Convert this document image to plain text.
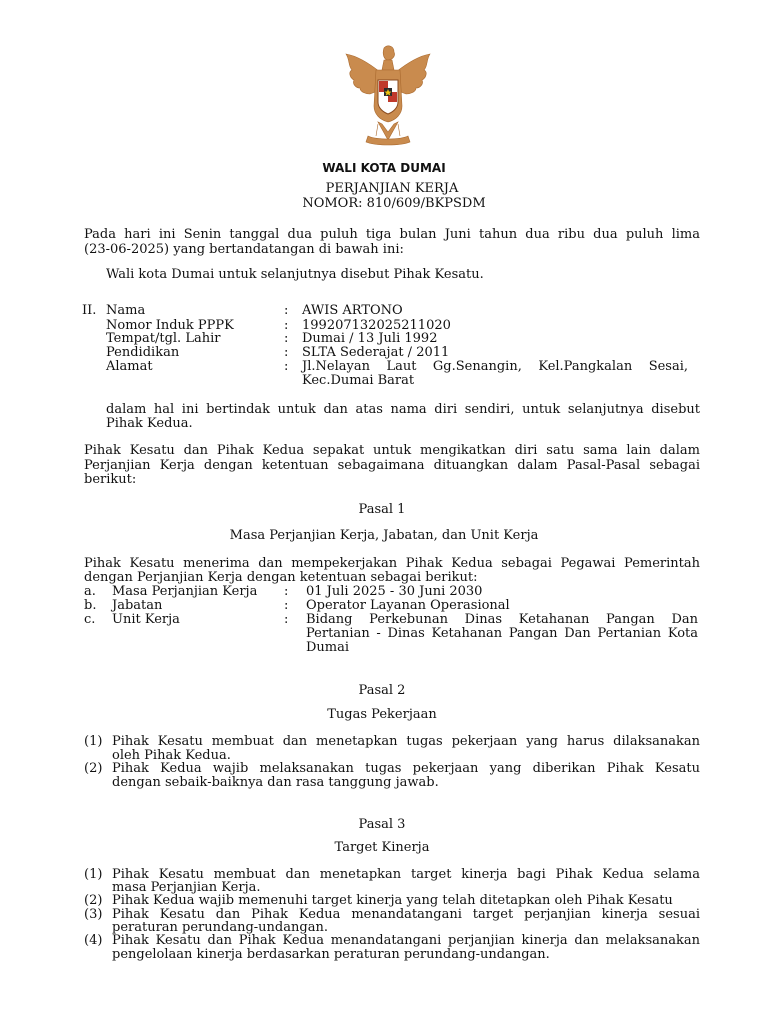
WALI KOTA DUMAI
PERJANJIAN KERJA
NOMOR: 810/609/BKPSDM
Pada hari ini Senin tanggal dua puluh tiga bulan Juni tahun dua ribu dua puluh lima
(23-06-2025) yang bertandatangan di bawah ini:
Wali kota Dumai untuk selanjutnya disebut Pihak Kesatu.
II. Nama	: AWIS ARTONO
Nomor Induk PPPK	: 199207132025211020
Tempat/tgl. Lahir	: Dumai / 13 Juli 1992
Pendidikan	: SLTA Sederajat / 2011
Alamat	: Jl.Nelayan Laut Gg.Senangin, Kel.Pangkalan Sesai,
Kec.Dumai Barat
dalam hal ini bertindak untuk dan atas nama diri sendiri, untuk selanjutnya disebut
Pihak Kedua.
Pihak Kesatu dan Pihak Kedua sepakat untuk mengikatkan diri satu sama lain dalam
Perjanjian Kerja dengan ketentuan sebagaimana dituangkan dalam Pasal-Pasal sebagai
berikut:
Pasal 1
Masa Perjanjian Kerja, Jabatan, dan Unit Kerja
Pihak Kesatu menerima dan mempekerjakan Pihak Kedua sebagai Pegawai Pemerintah
dengan Perjanjian Kerja dengan ketentuan sebagai berikut:
a. Masa Perjanjian Kerja : 01 Juli 2025 - 30 Juni 2030
b. Jabatan	: Operator Layanan Operasional
c. Unit Kerja	: Bidang Perkebunan Dinas Ketahanan Pangan Dan
Pertanian - Dinas Ketahanan Pangan Dan Pertanian Kota
Dumai
Pasal 2
Tugas Pekerjaan
(1) Pihak Kesatu membuat dan menetapkan tugas pekerjaan yang harus dilaksanakan
oleh Pihak Kedua.
(2) Pihak Kedua wajib melaksanakan tugas pekerjaan yang diberikan Pihak Kesatu
dengan sebaik-baiknya dan rasa tanggung jawab.
Pasal 3
Target Kinerja
(1) Pihak Kesatu membuat dan menetapkan target kinerja bagi Pihak Kedua selama
masa Perjanjian Kerja.
(2) Pihak Kedua wajib memenuhi target kinerja yang telah ditetapkan oleh Pihak Kesatu
(3) Pihak Kesatu dan Pihak Kedua menandatangani target perjanjian kinerja sesuai
peraturan perundang-undangan.
(4) Pihak Kesatu dan Pihak Kedua menandatangani perjanjian kinerja dan melaksanakan
pengelolaan kinerja berdasarkan peraturan perundang-undangan.
